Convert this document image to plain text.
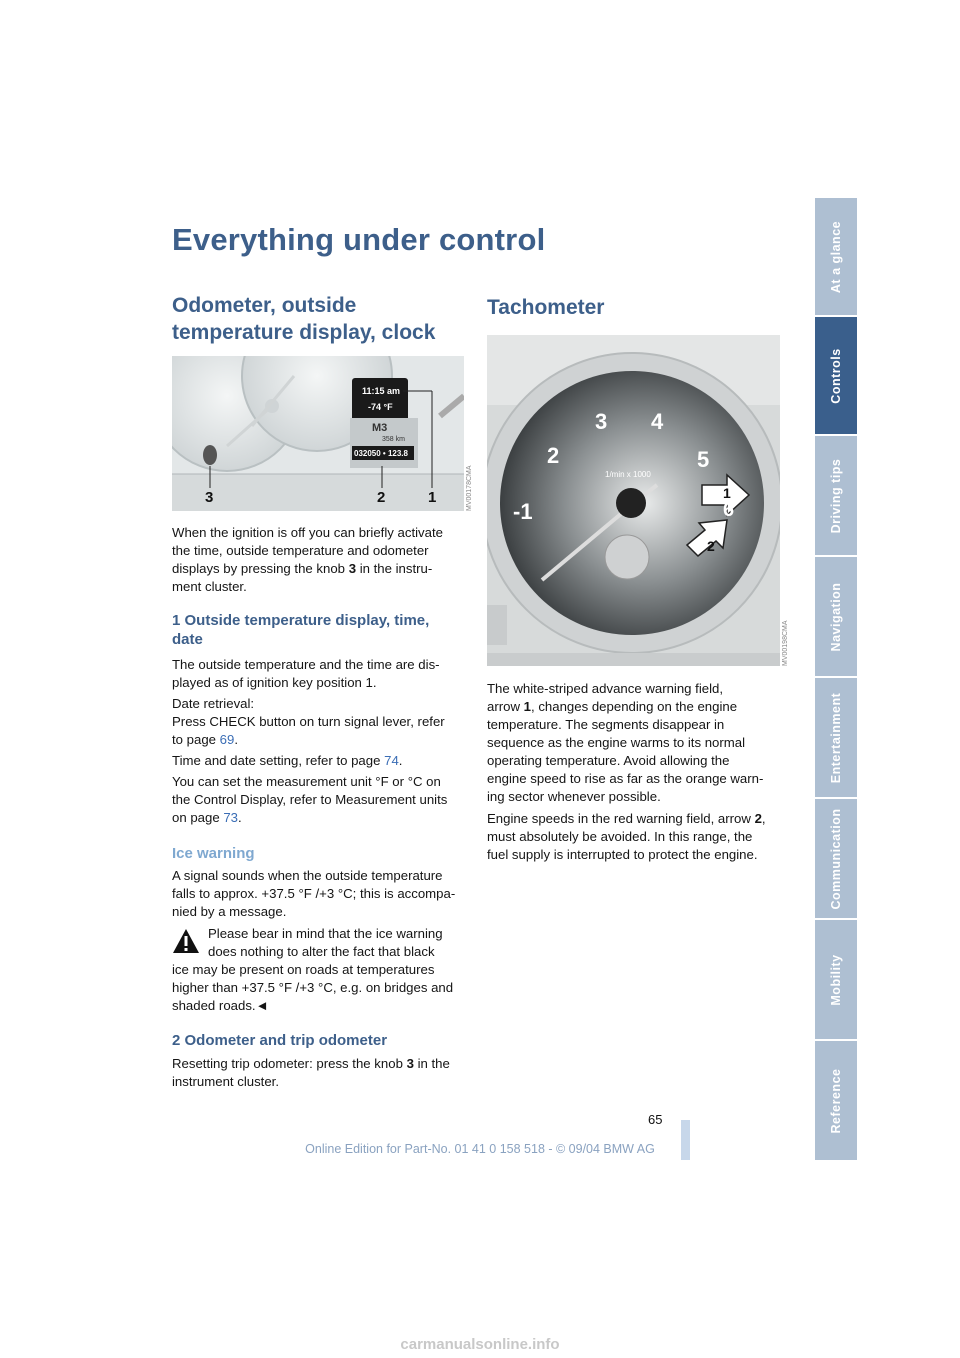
At a glance
Controls
Driving tips
Navigation
Entertainment
Communication
Mobility
Reference
Everything under control
Odometer, outside
temperature display, clock
11:15 am
-74 °F
M3
358 km
032050 • 123.8
3	2	1	MV00178CMA

When the ignition is off you can briefly activate
the time, outside temperature and odometer
displays by pressing the knob 3 in the instru-
ment cluster.

1 Outside temperature display, time,
date

The outside temperature and the time are dis-
played as of ignition key position 1.

Date retrieval:
Press CHECK button on turn signal lever, refer
to page 69.

Time and date setting, refer to page 74.

You can set the measurement unit °F or °C on
the Control Display, refer to Measurement units
on page 73.

Ice warning

A signal sounds when the outside temperature
falls to approx. +37.5 °F /+3 °C; this is accompa-
nied by a message.

Please bear in mind that the ice warning
does nothing to alter the fact that black
ice may be present on roads at temperatures
higher than +37.5 °F /+3 °C, e.g. on bridges and
shaded roads.◄

2 Odometer and trip odometer

Resetting trip odometer: press the knob 3 in the
instrument cluster.

Tachometer
-1
2
3 4
5
6
1/min x 1000
1
2
MV00198CMA

The white-striped advance warning field,
arrow 1, changes depending on the engine
temperature. The segments disappear in
sequence as the engine warms to its normal
operating temperature. Avoid allowing the
engine speed to rise as far as the orange warn-
ing sector whenever possible.

Engine speeds in the red warning field, arrow 2,
must absolutely be avoided. In this range, the
fuel supply is interrupted to protect the engine.

65
Online Edition for Part-No. 01 41 0 158 518 - © 09/04 BMW AG
carmanualsonline.info
